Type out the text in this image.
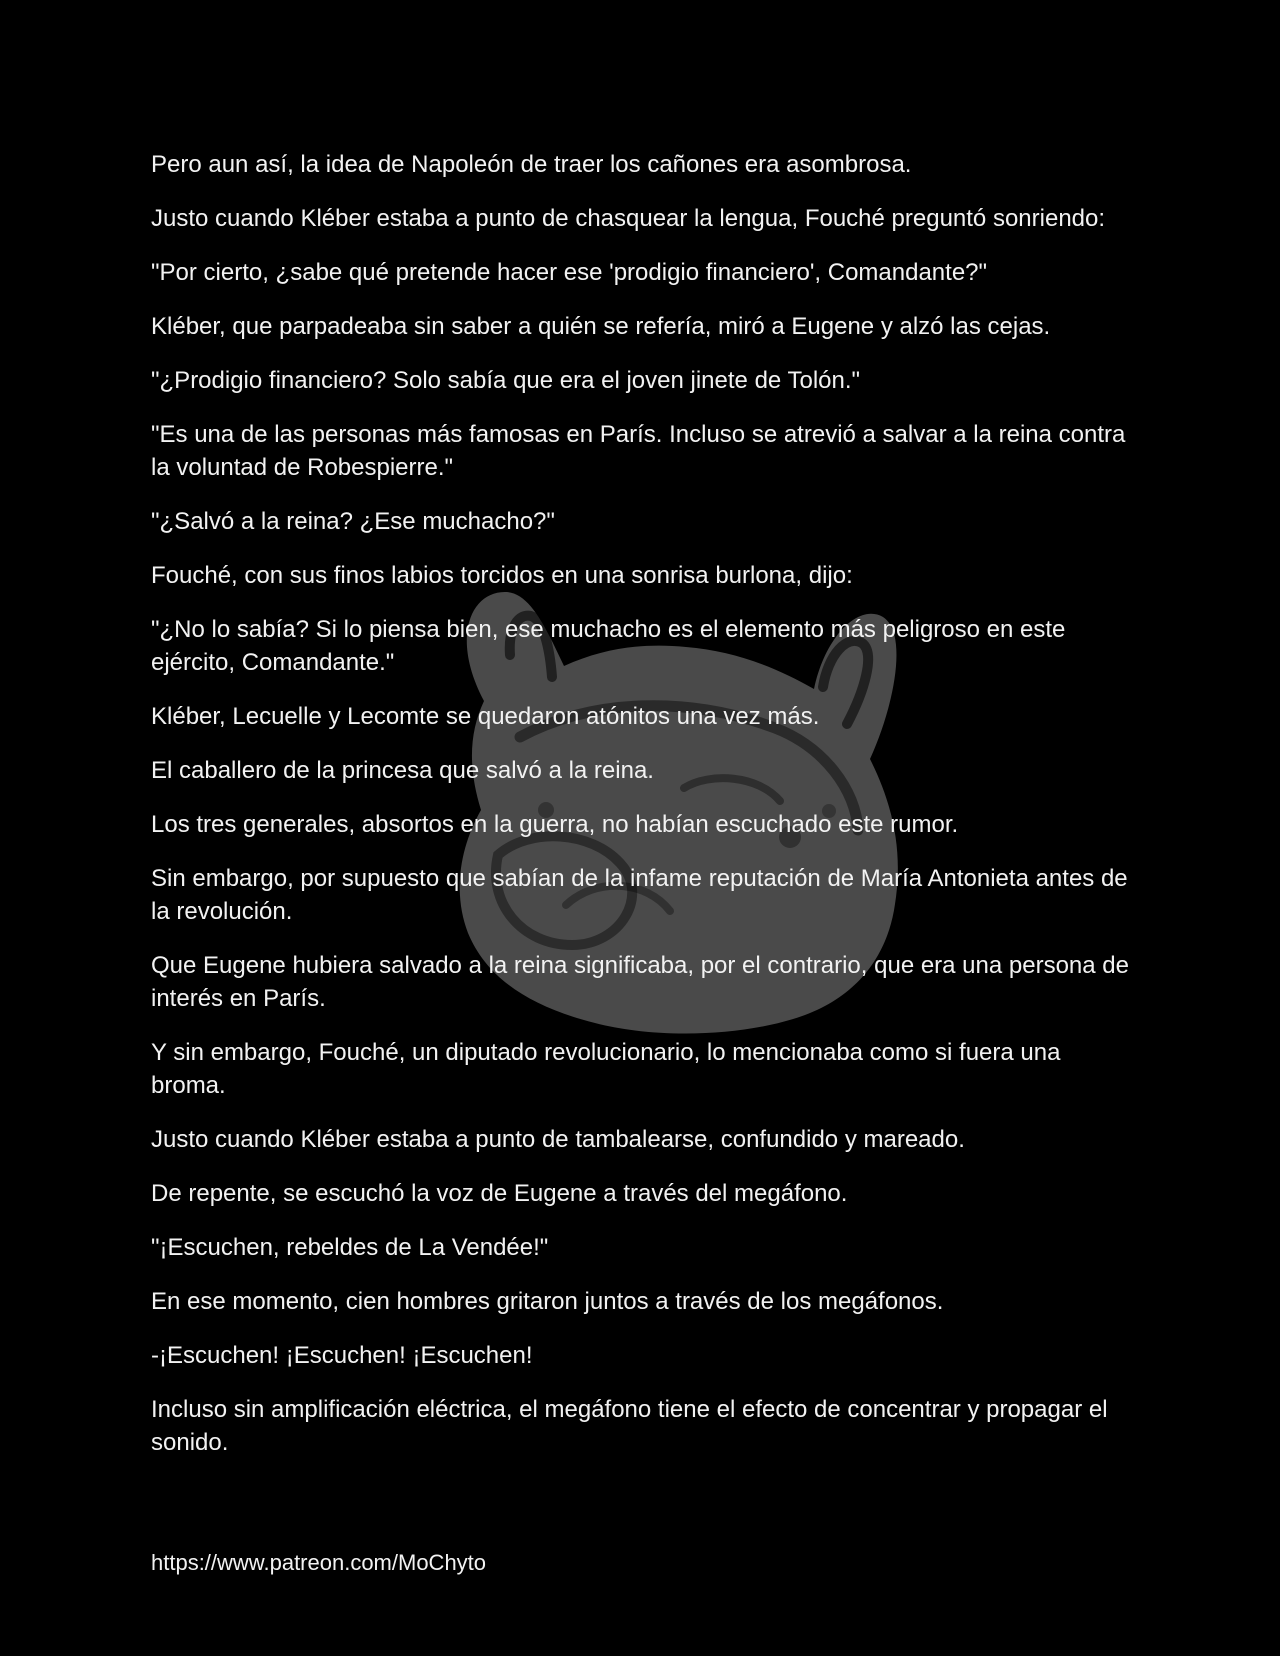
Pero aun así, la idea de Napoleón de traer los cañones era asombrosa.

Justo cuando Kléber estaba a punto de chasquear la lengua, Fouché preguntó sonriendo:

"Por cierto, ¿sabe qué pretende hacer ese 'prodigio financiero', Comandante?"

Kléber, que parpadeaba sin saber a quién se refería, miró a Eugene y alzó las cejas.

"¿Prodigio financiero? Solo sabía que era el joven jinete de Tolón."

"Es una de las personas más famosas en París. Incluso se atrevió a salvar a la reina contra la voluntad de Robespierre."

"¿Salvó a la reina? ¿Ese muchacho?"

Fouché, con sus finos labios torcidos en una sonrisa burlona, dijo:

"¿No lo sabía? Si lo piensa bien, ese muchacho es el elemento más peligroso en este ejército, Comandante."

Kléber, Lecuelle y Lecomte se quedaron atónitos una vez más.

El caballero de la princesa que salvó a la reina.

Los tres generales, absortos en la guerra, no habían escuchado este rumor.

Sin embargo, por supuesto que sabían de la infame reputación de María Antonieta antes de la revolución.

Que Eugene hubiera salvado a la reina significaba, por el contrario, que era una persona de interés en París.

Y sin embargo, Fouché, un diputado revolucionario, lo mencionaba como si fuera una broma.

Justo cuando Kléber estaba a punto de tambalearse, confundido y mareado.

De repente, se escuchó la voz de Eugene a través del megáfono.

"¡Escuchen, rebeldes de La Vendée!"

En ese momento, cien hombres gritaron juntos a través de los megáfonos.

-¡Escuchen! ¡Escuchen! ¡Escuchen!

Incluso sin amplificación eléctrica, el megáfono tiene el efecto de concentrar y propagar el sonido.

https://www.patreon.com/MoChyto
